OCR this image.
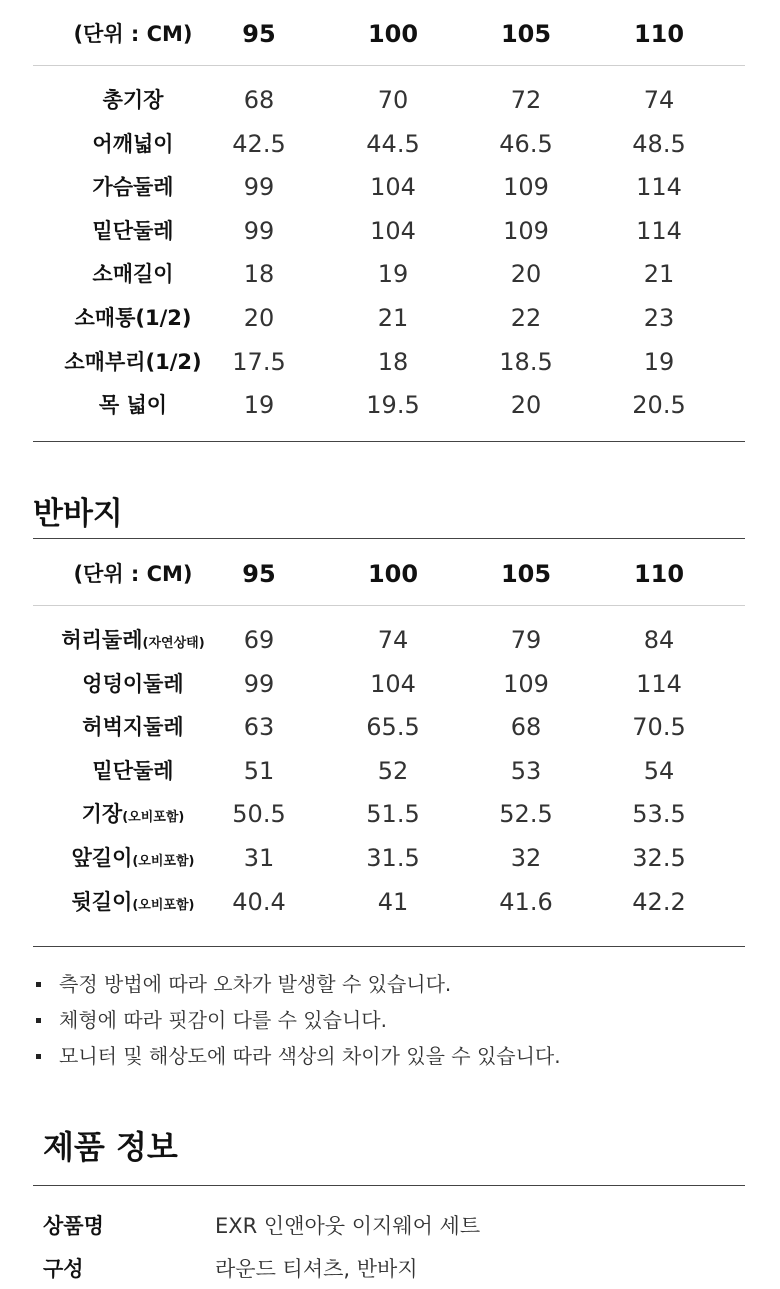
(단위 : CM)	95	100	105	110
총기장	68	70	72	74
어깨넓이	42.5	44.5	46.5	48.5
가슴둘레	99	104	109	114
밑단둘레	99	104	109	114
소매길이	18	19	20	21
소매통(1/2)	20	21	22	23
소매부리(1/2)	17.5	18	18.5	19
목 넓이	19	19.5	20	20.5
반바지
(단위 : CM)	95	100	105	110
허리둘레(자연상태)	69	74	79	84
엉덩이둘레	99	104	109	114
허벅지둘레	63	65.5	68	70.5
밑단둘레	51	52	53	54
기장(오비포함)	50.5	51.5	52.5	53.5
앞길이(오비포함)	31	31.5	32	32.5
뒷길이(오비포함)	40.4	41	41.6	42.2
측정 방법에 따라 오차가 발생할 수 있습니다.
체형에 따라 핏감이 다를 수 있습니다.
모니터 및 해상도에 따라 색상의 차이가 있을 수 있습니다.
제품 정보
상품명	EXR 인앤아웃 이지웨어 세트
구성	라운드 티셔츠, 반바지
